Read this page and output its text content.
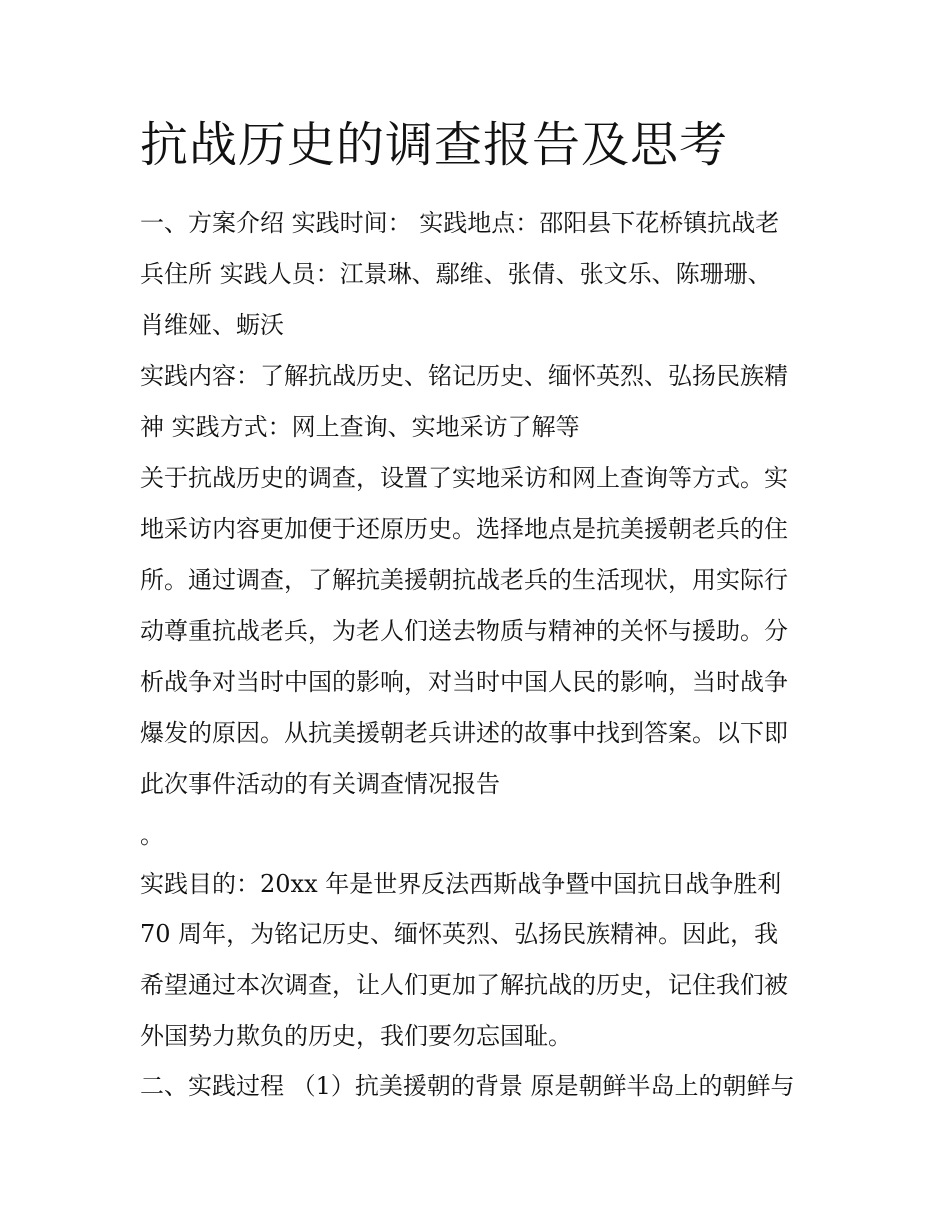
抗战历史的调查报告及思考

一、方案介绍 实践时间： 实践地点：邵阳县下花桥镇抗战老

兵住所 实践人员：江景琳、鄢维、张倩、张文乐、陈珊珊、

肖维娅、蛎沃

实践内容：了解抗战历史、铭记历史、缅怀英烈、弘扬民族精

神 实践方式：网上查询、实地采访了解等

关于抗战历史的调查，设置了实地采访和网上查询等方式。实

地采访内容更加便于还原历史。选择地点是抗美援朝老兵的住

所。通过调查，了解抗美援朝抗战老兵的生活现状，用实际行

动尊重抗战老兵，为老人们送去物质与精神的关怀与援助。分

析战争对当时中国的影响，对当时中国人民的影响，当时战争

爆发的原因。从抗美援朝老兵讲述的故事中找到答案。以下即

此次事件活动的有关调查情况报告

。

实践目的：20xx 年是世界反法西斯战争暨中国抗日战争胜利

70 周年，为铭记历史、缅怀英烈、弘扬民族精神。因此，我

希望通过本次调查，让人们更加了解抗战的历史，记住我们被

外国势力欺负的历史，我们要勿忘国耻。

二、实践过程 （1）抗美援朝的背景 原是朝鲜半岛上的朝鲜与
